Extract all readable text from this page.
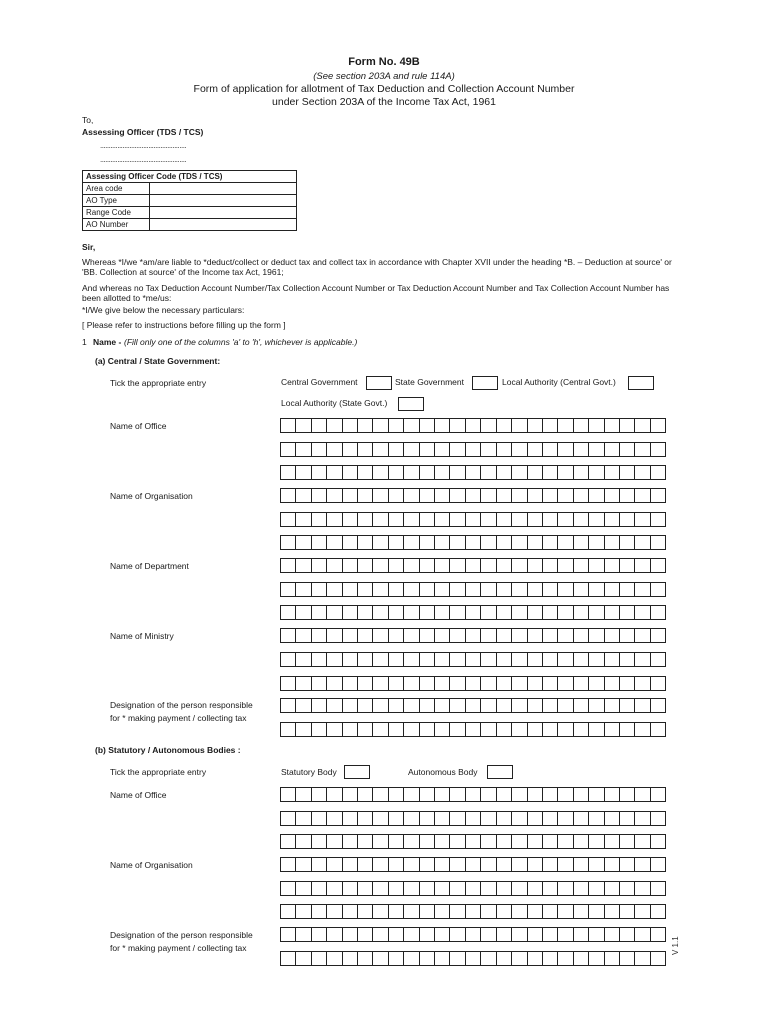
Form No. 49B
(See section 203A and rule 114A)
Form of application for allotment of Tax Deduction and Collection Account Number
under Section 203A of the Income Tax Act, 1961
To,
Assessing Officer (TDS / TCS)
..................................................
..................................................
Assessing Officer Code (TDS / TCS)	
Area code	
AO Type	
Range Code	
AO Number	
Sir,
Whereas *I/we *am/are liable to *deduct/collect or deduct tax and collect tax in accordance with Chapter XVII under the heading *B. – Deduction at source' or 'BB. Collection at source' of the Income tax Act, 1961;
And whereas no Tax Deduction Account Number/Tax Collection Account Number or Tax Deduction Account Number and Tax Collection Account Number has been allotted to *me/us:
*I/We give below the necessary particulars:
[ Please refer to instructions before filling up the form ]
1 Name - (Fill only one of the columns 'a' to 'h', whichever is applicable.)
(a) Central / State Government:
Tick the appropriate entry	Central Government	State Government	Local Authority (Central Govt.)
Local Authority (State Govt.)
Name of Office
Name of Organisation
Name of Department
Name of Ministry
Designation of the person responsible
for * making payment / collecting tax
(b) Statutory / Autonomous Bodies :
Tick the appropriate entry	Statutory Body	Autonomous Body
Name of Office
Name of Organisation
Designation of the person responsible
for * making payment / collecting tax	V 1.1
